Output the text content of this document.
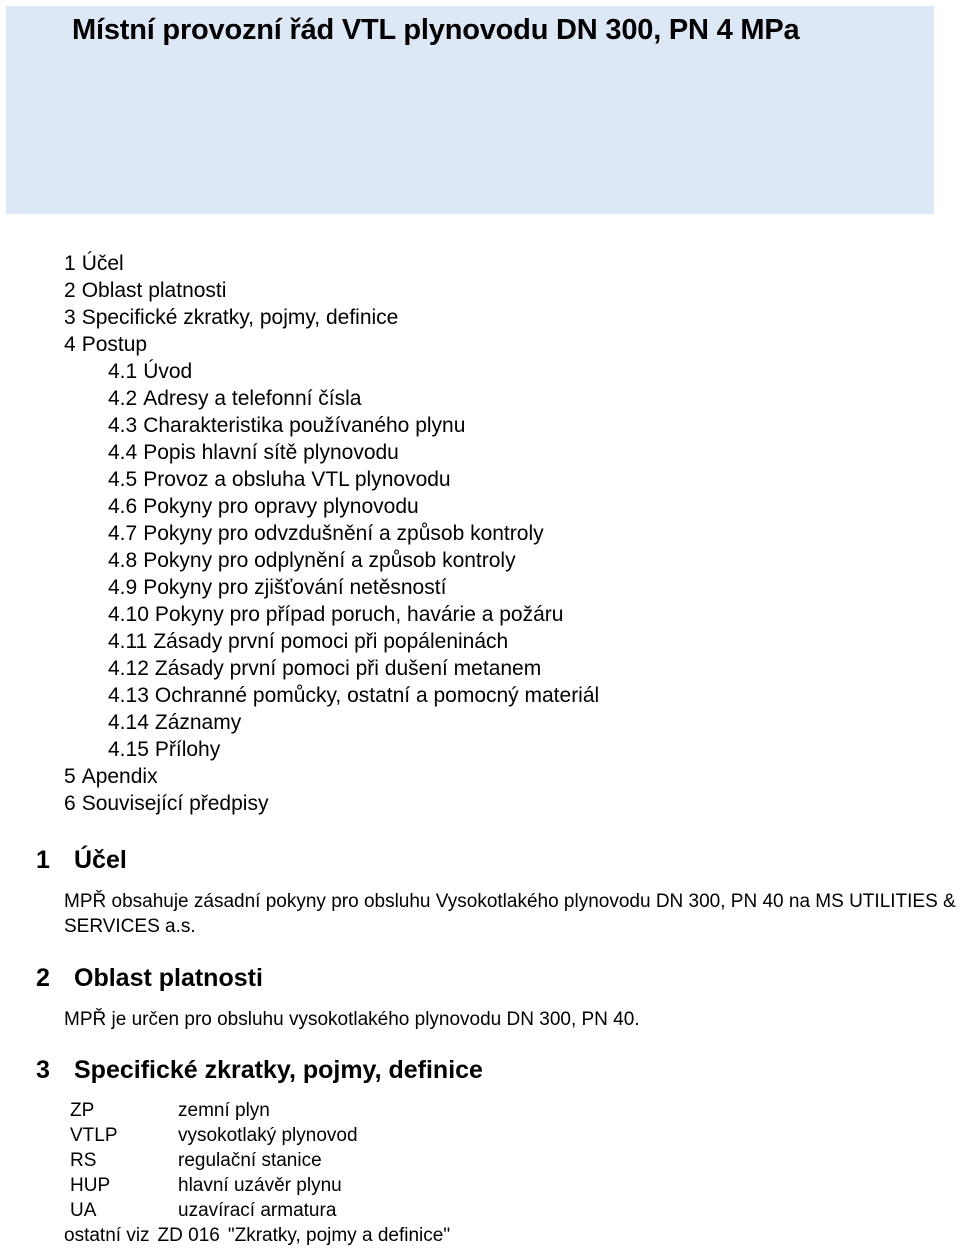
Místní provozní řád VTL plynovodu DN 300, PN 4 MPa
1 Účel
2 Oblast platnosti
3 Specifické zkratky, pojmy, definice
4 Postup
4.1 Úvod
4.2 Adresy a telefonní čísla
4.3 Charakteristika používaného plynu
4.4 Popis hlavní sítě plynovodu
4.5 Provoz a obsluha VTL plynovodu
4.6 Pokyny pro opravy plynovodu
4.7 Pokyny pro odvzdušnění a způsob kontroly
4.8 Pokyny pro odplynění a způsob kontroly
4.9 Pokyny pro zjišťování netěsností
4.10 Pokyny pro případ poruch, havárie a požáru
4.11 Zásady první pomoci při popáleninách
4.12 Zásady první pomoci při dušení metanem
4.13 Ochranné pomůcky, ostatní a pomocný materiál
4.14 Záznamy
4.15 Přílohy
5 Apendix
6 Související předpisy
1 Účel
MPŘ obsahuje zásadní pokyny pro obsluhu Vysokotlakého plynovodu DN 300, PN 40 na MS UTILITIES & SERVICES a.s.
2 Oblast platnosti
MPŘ je určen pro obsluhu vysokotlakého plynovodu DN 300, PN 40.
3 Specifické zkratky, pojmy, definice
ZP	zemní plyn
VTLP	vysokotlaký plynovod
RS	regulační stanice
HUP	hlavní uzávěr plynu
UA	uzavírací armatura
ostatní viz ZD 016 "Zkratky, pojmy a definice"
